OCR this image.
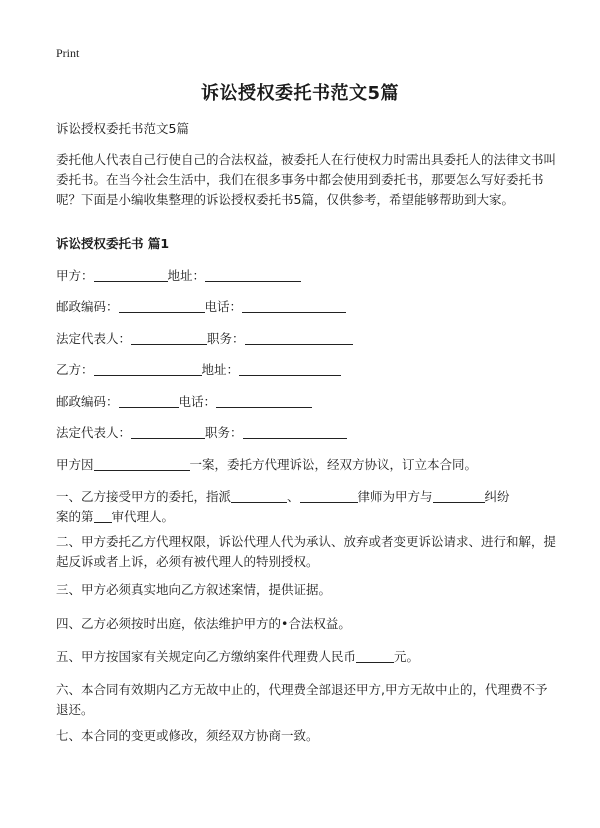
Print
诉讼授权委托书范文5篇
诉讼授权委托书范文5篇
委托他人代表自己行使自己的合法权益，被委托人在行使权力时需出具委托人的法律文书叫委托书。在当今社会生活中，我们在很多事务中都会使用到委托书，那要怎么写好委托书呢？下面是小编收集整理的诉讼授权委托书5篇，仅供参考，希望能够帮助到大家。
诉讼授权委托书 篇1
甲方：	地址：
邮政编码：	电话：
法定代表人：	职务：
乙方：	地址：
邮政编码：	电话：
法定代表人：	职务：
甲方因	一案，委托方代理诉讼，经双方协议，订立本合同。
一、乙方接受甲方的委托，指派	、	律师为甲方与	纠纷
案的第 审代理人。
二、甲方委托乙方代理权限，诉讼代理人代为承认、放弃或者变更诉讼请求、进行和解，提起反诉或者上诉，必须有被代理人的特别授权。
三、甲方必须真实地向乙方叙述案情，提供证据。
四、乙方必须按时出庭，依法维护甲方的•合法权益。
五、甲方按国家有关规定向乙方缴纳案件代理费人民币	元。
六、本合同有效期内乙方无故中止的，代理费全部退还甲方,甲方无故中止的，代理费不予退还。
七、本合同的变更或修改，须经双方协商一致。
